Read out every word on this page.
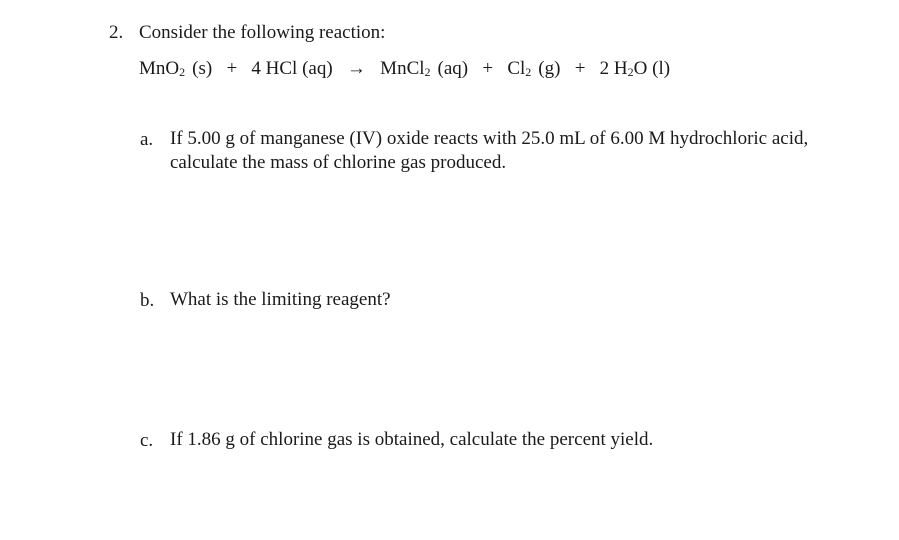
2. Consider the following reaction:
MnO$_2$ (s) + 4 HCl (aq) → MnCl$_2$ $(aq) + Cl_2$ (g) + 2 $H_2O$ (l)
a. If 5.00 g of manganese (IV) oxide reacts with 25.0 mL of 6.00 M hydrochloric acid, calculate the mass of chlorine gas produced.
b. What is the limiting reagent?
c. If 1.86 g of chlorine gas is obtained, calculate the percent yield.
